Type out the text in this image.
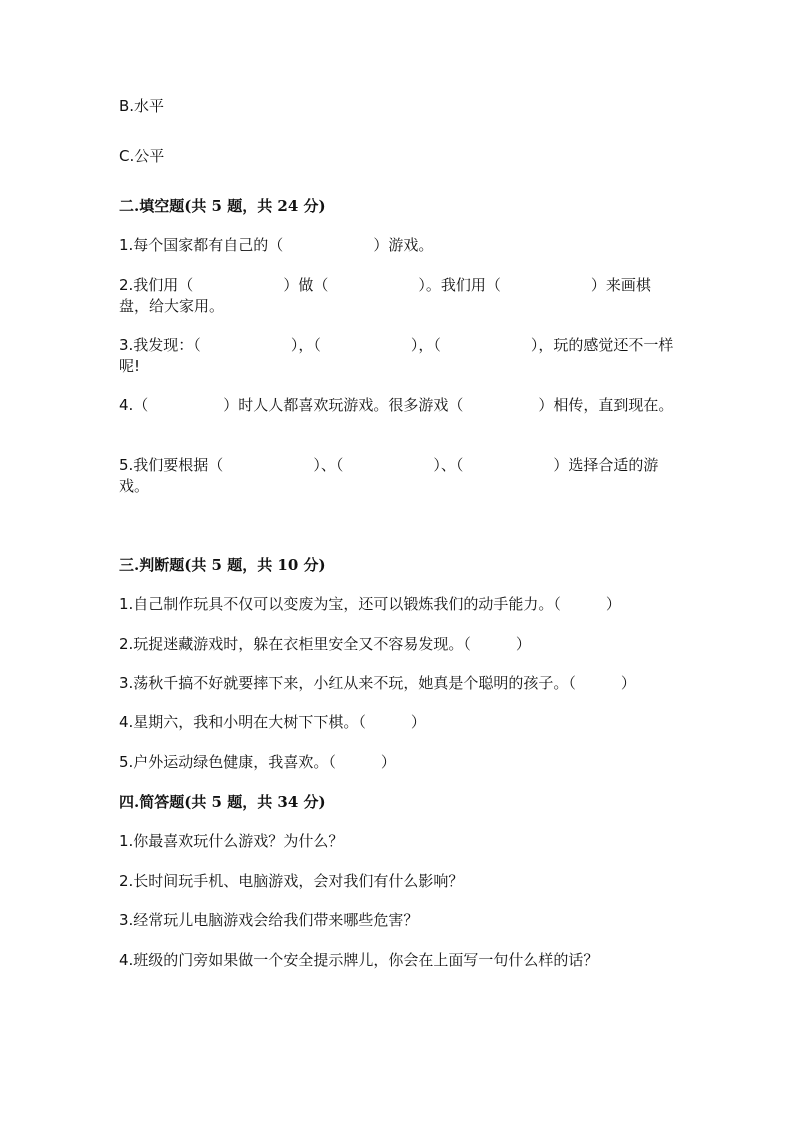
B.水平
C.公平
二.填空题(共 5 题，共 24 分)
1.每个国家都有自己的（　　　　　　）游戏。
2.我们用（　　　　　　）做（　　　　　　）。我们用（　　　　　　）来画棋盘，给大家用。
3.我发现：（　　　　　　），（　　　　　　），（　　　　　　），玩的感觉还不一样呢!
4.（　　　　　）时人人都喜欢玩游戏。很多游戏（　　　　　）相传，直到现在。
5.我们要根据（　　　　　　）、（　　　　　　）、（　　　　　　）选择合适的游戏。
三.判断题(共 5 题，共 10 分)
1.自己制作玩具不仅可以变废为宝，还可以锻炼我们的动手能力。（　　　）
2.玩捉迷藏游戏时，躲在衣柜里安全又不容易发现。（　　　）
3.荡秋千搞不好就要摔下来，小红从来不玩，她真是个聪明的孩子。（　　　）
4.星期六，我和小明在大树下下棋。（　　　）
5.户外运动绿色健康，我喜欢。（　　　）
四.简答题(共 5 题，共 34 分)
1.你最喜欢玩什么游戏？为什么？
2.长时间玩手机、电脑游戏，会对我们有什么影响？
3.经常玩儿电脑游戏会给我们带来哪些危害？
4.班级的门旁如果做一个安全提示牌儿，你会在上面写一句什么样的话？
